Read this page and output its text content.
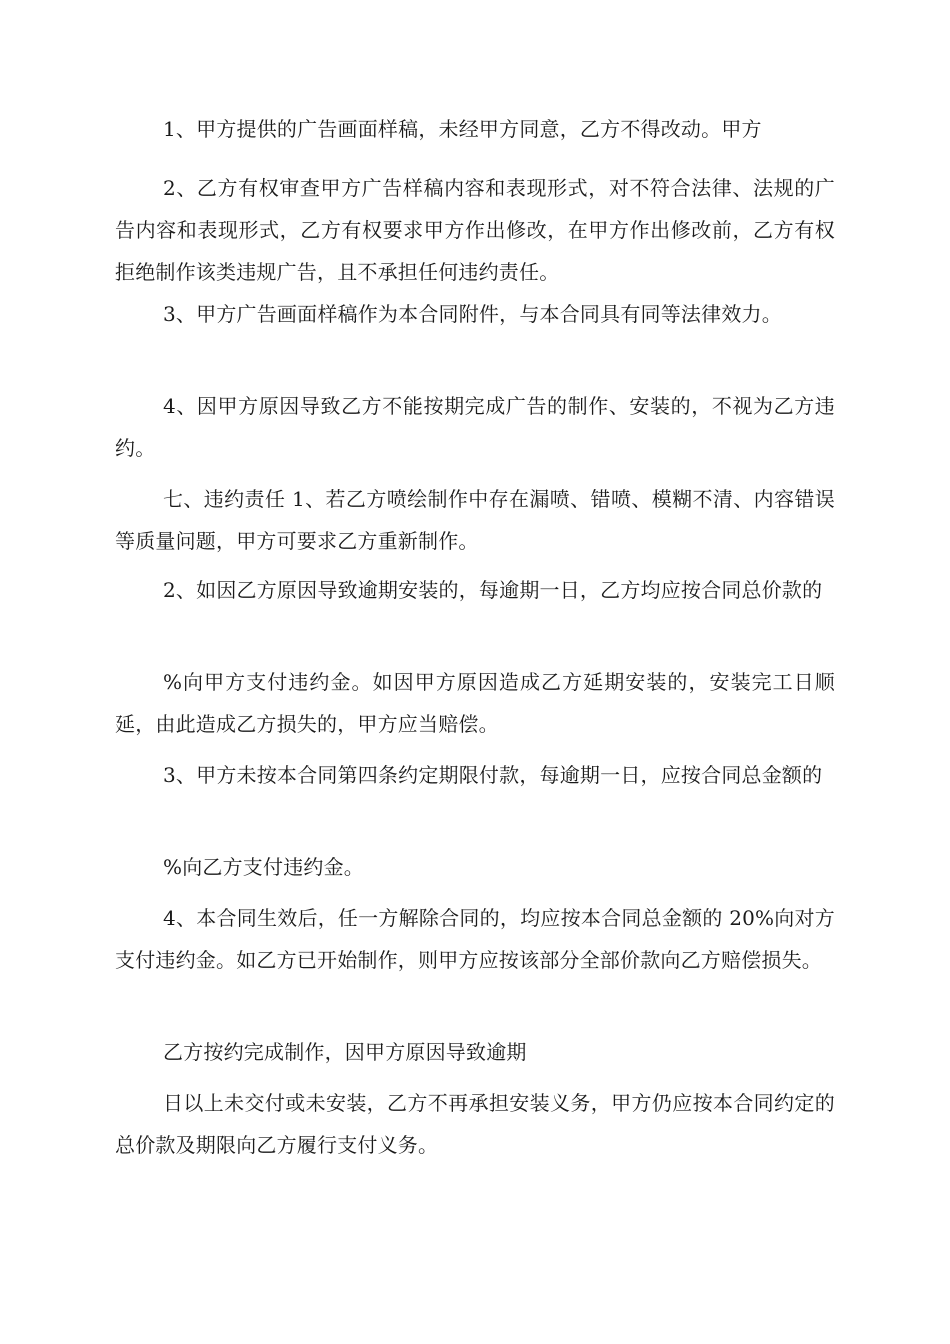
1、甲方提供的广告画面样稿，未经甲方同意，乙方不得改动。甲方

2、乙方有权审查甲方广告样稿内容和表现形式，对不符合法律、法规的广告内容和表现形式，乙方有权要求甲方作出修改，在甲方作出修改前，乙方有权拒绝制作该类违规广告，且不承担任何违约责任。

3、甲方广告画面样稿作为本合同附件，与本合同具有同等法律效力。

4、因甲方原因导致乙方不能按期完成广告的制作、安装的，不视为乙方违约。

七、违约责任 1、若乙方喷绘制作中存在漏喷、错喷、模糊不清、内容错误等质量问题，甲方可要求乙方重新制作。

2、如因乙方原因导致逾期安装的，每逾期一日，乙方均应按合同总价款的

%向甲方支付违约金。如因甲方原因造成乙方延期安装的，安装完工日顺延，由此造成乙方损失的，甲方应当赔偿。

3、甲方未按本合同第四条约定期限付款，每逾期一日，应按合同总金额的

%向乙方支付违约金。

4、本合同生效后，任一方解除合同的，均应按本合同总金额的 20%向对方支付违约金。如乙方已开始制作，则甲方应按该部分全部价款向乙方赔偿损失。

乙方按约完成制作，因甲方原因导致逾期

日以上未交付或未安装，乙方不再承担安装义务，甲方仍应按本合同约定的总价款及期限向乙方履行支付义务。
